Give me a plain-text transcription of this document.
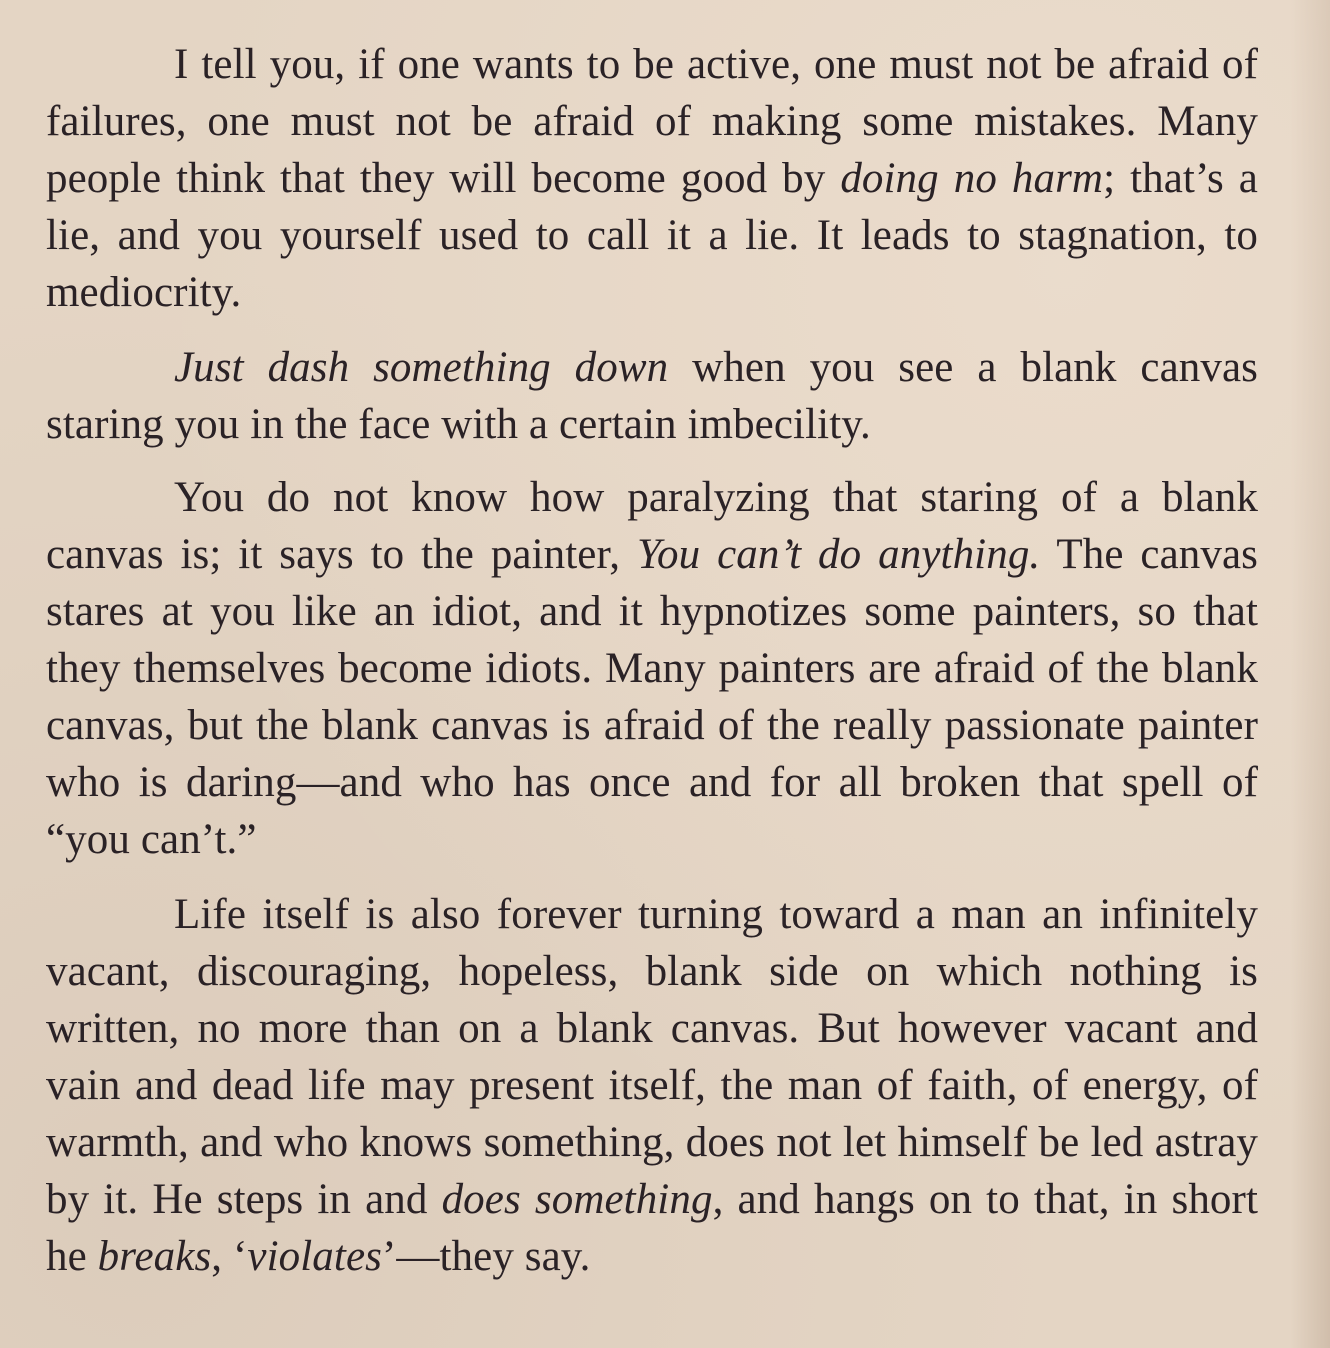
I tell you, if one wants to be active, one must not be afraid of failures, one must not be afraid of making some mistakes. Many people think that they will become good by doing no harm; that’s a lie, and you yourself used to call it a lie. It leads to stagnation, to mediocrity.

Just dash something down when you see a blank canvas staring you in the face with a certain imbecility.

You do not know how paralyzing that staring of a blank canvas is; it says to the painter, You can’t do anything. The canvas stares at you like an idiot, and it hypnotizes some painters, so that they themselves become idiots. Many painters are afraid of the blank canvas, but the blank canvas is afraid of the really passionate painter who is daring—and who has once and for all broken that spell of “you can’t.”

Life itself is also forever turning toward a man an infinitely vacant, discouraging, hopeless, blank side on which nothing is written, no more than on a blank canvas. But however vacant and vain and dead life may present itself, the man of faith, of energy, of warmth, and who knows something, does not let himself be led astray by it. He steps in and does something, and hangs on to that, in short he breaks, ‘violates’—they say.
